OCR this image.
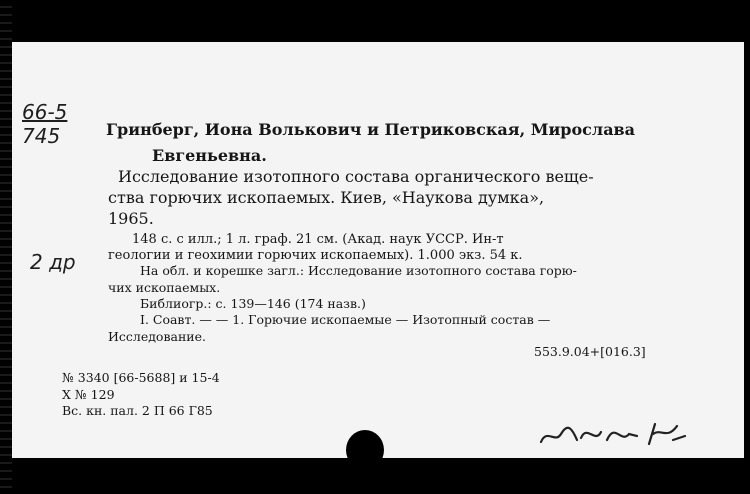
66-5
745
2 др
Гринберг, Иона Волькович и Петриковская, Мирослава
Евгеньевна.
Исследование изотопного состава органического веще-
ства горючих ископаемых. Киев, «Наукова думка»,
1965.
148 с. с илл.; 1 л. граф. 21 см. (Акад. наук УССР. Ин-т
геологии и геохимии горючих ископаемых). 1.000 экз. 54 к.
На обл. и корешке загл.: Исследование изотопного состава горю-
чих ископаемых.
Библиогр.: с. 139—146 (174 назв.)
I. Соавт. — — 1. Горючие ископаемые — Изотопный состав —
Исследование.
553.9.04+[016.3]
№ 3340 [66-5688] и 15-4
Х № 129
Вс. кн. пал. 2 П 66 Г85
